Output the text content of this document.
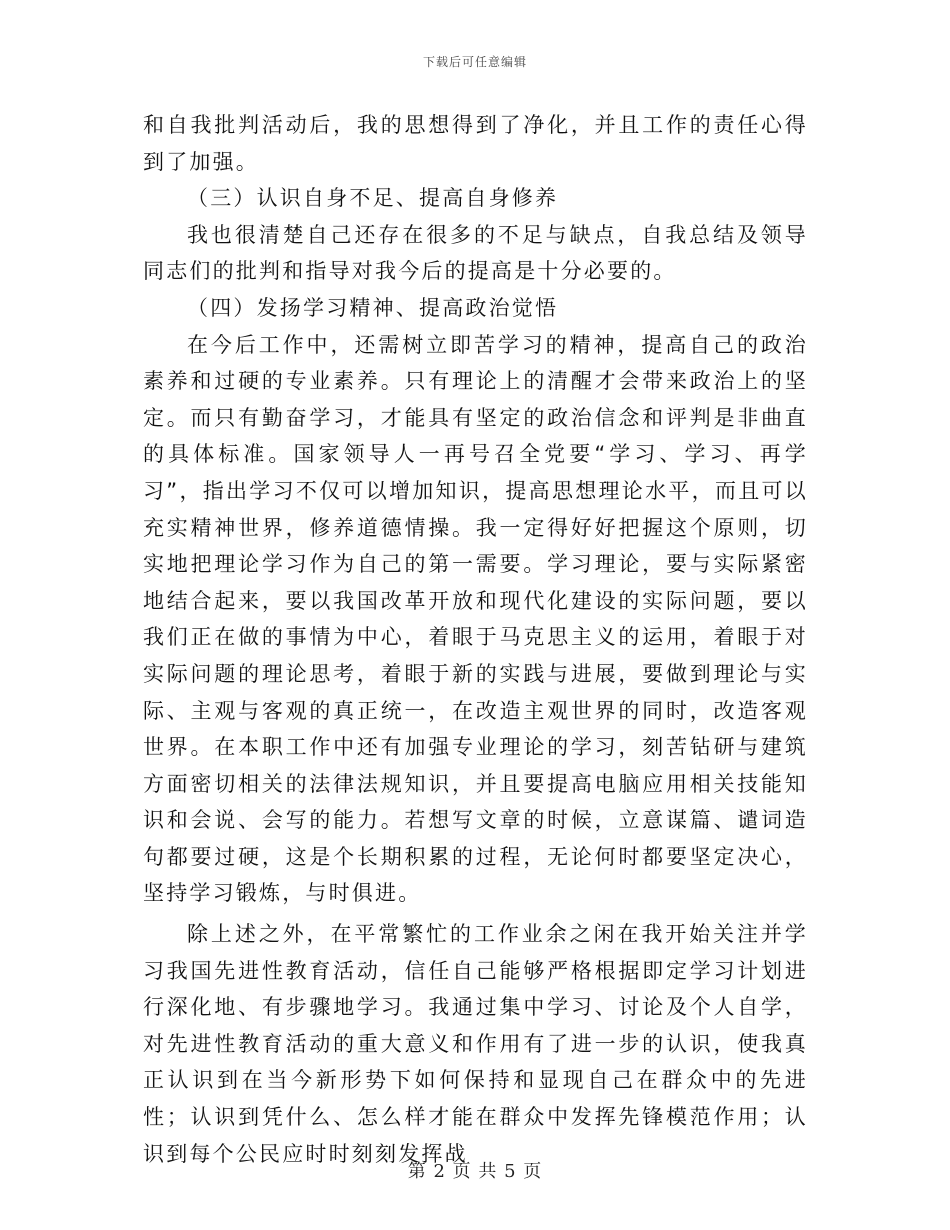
下载后可任意编辑

和自我批判活动后，我的思想得到了净化，并且工作的责任心得到了加强。

（三）认识自身不足、提高自身修养

我也很清楚自己还存在很多的不足与缺点，自我总结及领导同志们的批判和指导对我今后的提高是十分必要的。

（四）发扬学习精神、提高政治觉悟

在今后工作中，还需树立即苦学习的精神，提高自己的政治素养和过硬的专业素养。只有理论上的清醒才会带来政治上的坚定。而只有勤奋学习，才能具有坚定的政治信念和评判是非曲直的具体标准。国家领导人一再号召全党要“学习、学习、再学习”，指出学习不仅可以增加知识，提高思想理论水平，而且可以充实精神世界，修养道德情操。我一定得好好把握这个原则，切实地把理论学习作为自己的第一需要。学习理论，要与实际紧密地结合起来，要以我国改革开放和现代化建设的实际问题，要以我们正在做的事情为中心，着眼于马克思主义的运用，着眼于对实际问题的理论思考，着眼于新的实践与进展，要做到理论与实际、主观与客观的真正统一，在改造主观世界的同时，改造客观世界。在本职工作中还有加强专业理论的学习，刻苦钻研与建筑方面密切相关的法律法规知识，并且要提高电脑应用相关技能知识和会说、会写的能力。若想写文章的时候，立意谋篇、谴词造句都要过硬，这是个长期积累的过程，无论何时都要坚定决心，坚持学习锻炼，与时俱进。

除上述之外，在平常繁忙的工作业余之闲在我开始关注并学习我国先进性教育活动，信任自己能够严格根据即定学习计划进行深化地、有步骤地学习。我通过集中学习、讨论及个人自学，对先进性教育活动的重大意义和作用有了进一步的认识，使我真正认识到在当今新形势下如何保持和显现自己在群众中的先进性；认识到凭什么、怎么样才能在群众中发挥先锋模范作用；认识到每个公民应时时刻刻发挥战

第 2 页 共 5 页
